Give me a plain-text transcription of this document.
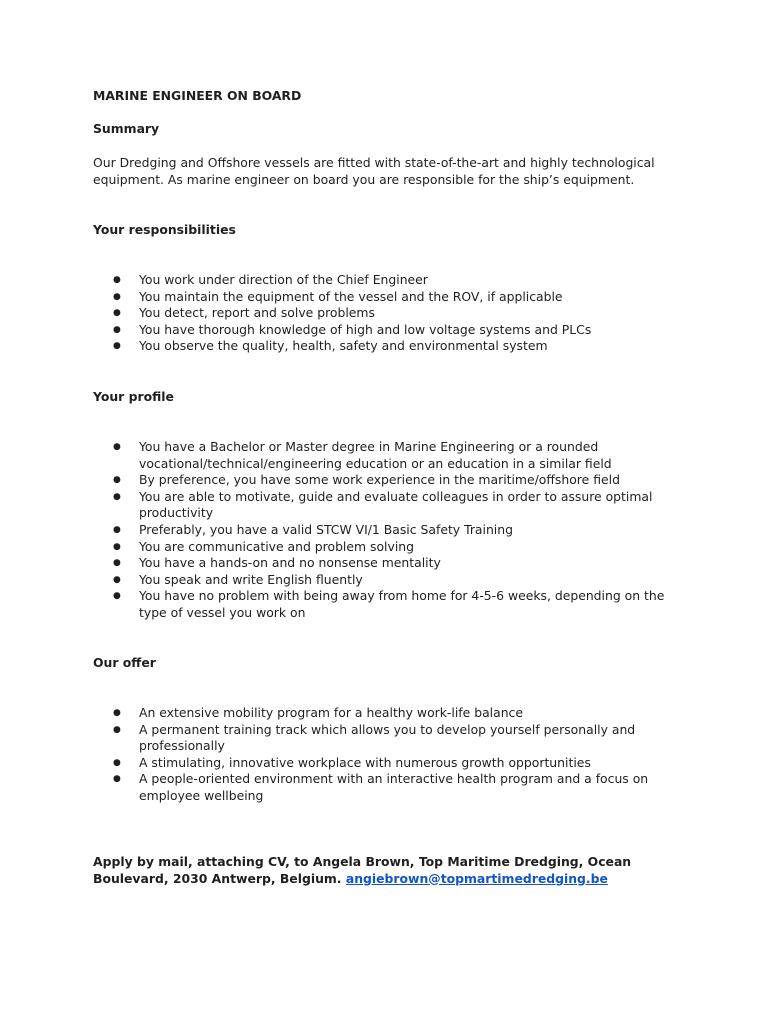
MARINE ENGINEER ON BOARD
Summary
Our Dredging and Offshore vessels are fitted with state-of-the-art and highly technological equipment. As marine engineer on board you are responsible for the ship’s equipment.
Your responsibilities
● You work under direction of the Chief Engineer
● You maintain the equipment of the vessel and the ROV, if applicable
● You detect, report and solve problems
● You have thorough knowledge of high and low voltage systems and PLCs
● You observe the quality, health, safety and environmental system
Your profile
● You have a Bachelor or Master degree in Marine Engineering or a rounded vocational/technical/engineering education or an education in a similar field
● By preference, you have some work experience in the maritime/offshore field
● You are able to motivate, guide and evaluate colleagues in order to assure optimal productivity
● Preferably, you have a valid STCW VI/1 Basic Safety Training
● You are communicative and problem solving
● You have a hands-on and no nonsense mentality
● You speak and write English fluently
● You have no problem with being away from home for 4-5-6 weeks, depending on the type of vessel you work on
Our offer
● An extensive mobility program for a healthy work-life balance
● A permanent training track which allows you to develop yourself personally and professionally
● A stimulating, innovative workplace with numerous growth opportunities
● A people-oriented environment with an interactive health program and a focus on employee wellbeing
Apply by mail, attaching CV, to Angela Brown, Top Maritime Dredging, Ocean Boulevard, 2030 Antwerp, Belgium. angiebrown@topmartimedredging.be
